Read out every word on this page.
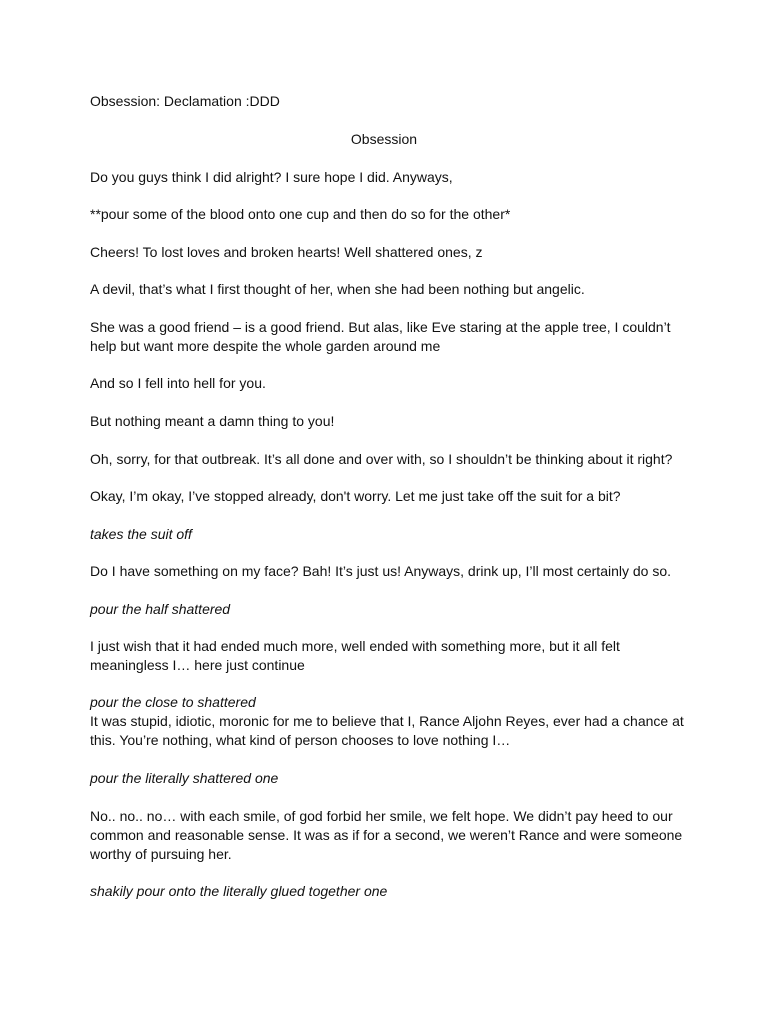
Obsession: Declamation :DDD

Obsession

Do you guys think I did alright? I sure hope I did. Anyways,

**pour some of the blood onto one cup and then do so for the other*

Cheers! To lost loves and broken hearts! Well shattered ones, z

A devil, that’s what I first thought of her, when she had been nothing but angelic.

She was a good friend – is a good friend. But alas, like Eve staring at the apple tree, I couldn’t help but want more despite the whole garden around me

And so I fell into hell for you.

But nothing meant a damn thing to you!

Oh, sorry, for that outbreak. It’s all done and over with, so I shouldn’t be thinking about it right?

Okay, I’m okay, I’ve stopped already, don't worry. Let me just take off the suit for a bit?

takes the suit off

Do I have something on my face? Bah! It’s just us! Anyways, drink up, I’ll most certainly do so.

pour the half shattered

I just wish that it had ended much more, well ended with something more, but it all felt meaningless I… here just continue

pour the close to shattered

It was stupid, idiotic, moronic for me to believe that I, Rance Aljohn Reyes, ever had a chance at this. You’re nothing, what kind of person chooses to love nothing I…

pour the literally shattered one

No.. no.. no… with each smile, of god forbid her smile, we felt hope. We didn’t pay heed to our common and reasonable sense. It was as if for a second, we weren’t Rance and were someone worthy of pursuing her.

shakily pour onto the literally glued together one
